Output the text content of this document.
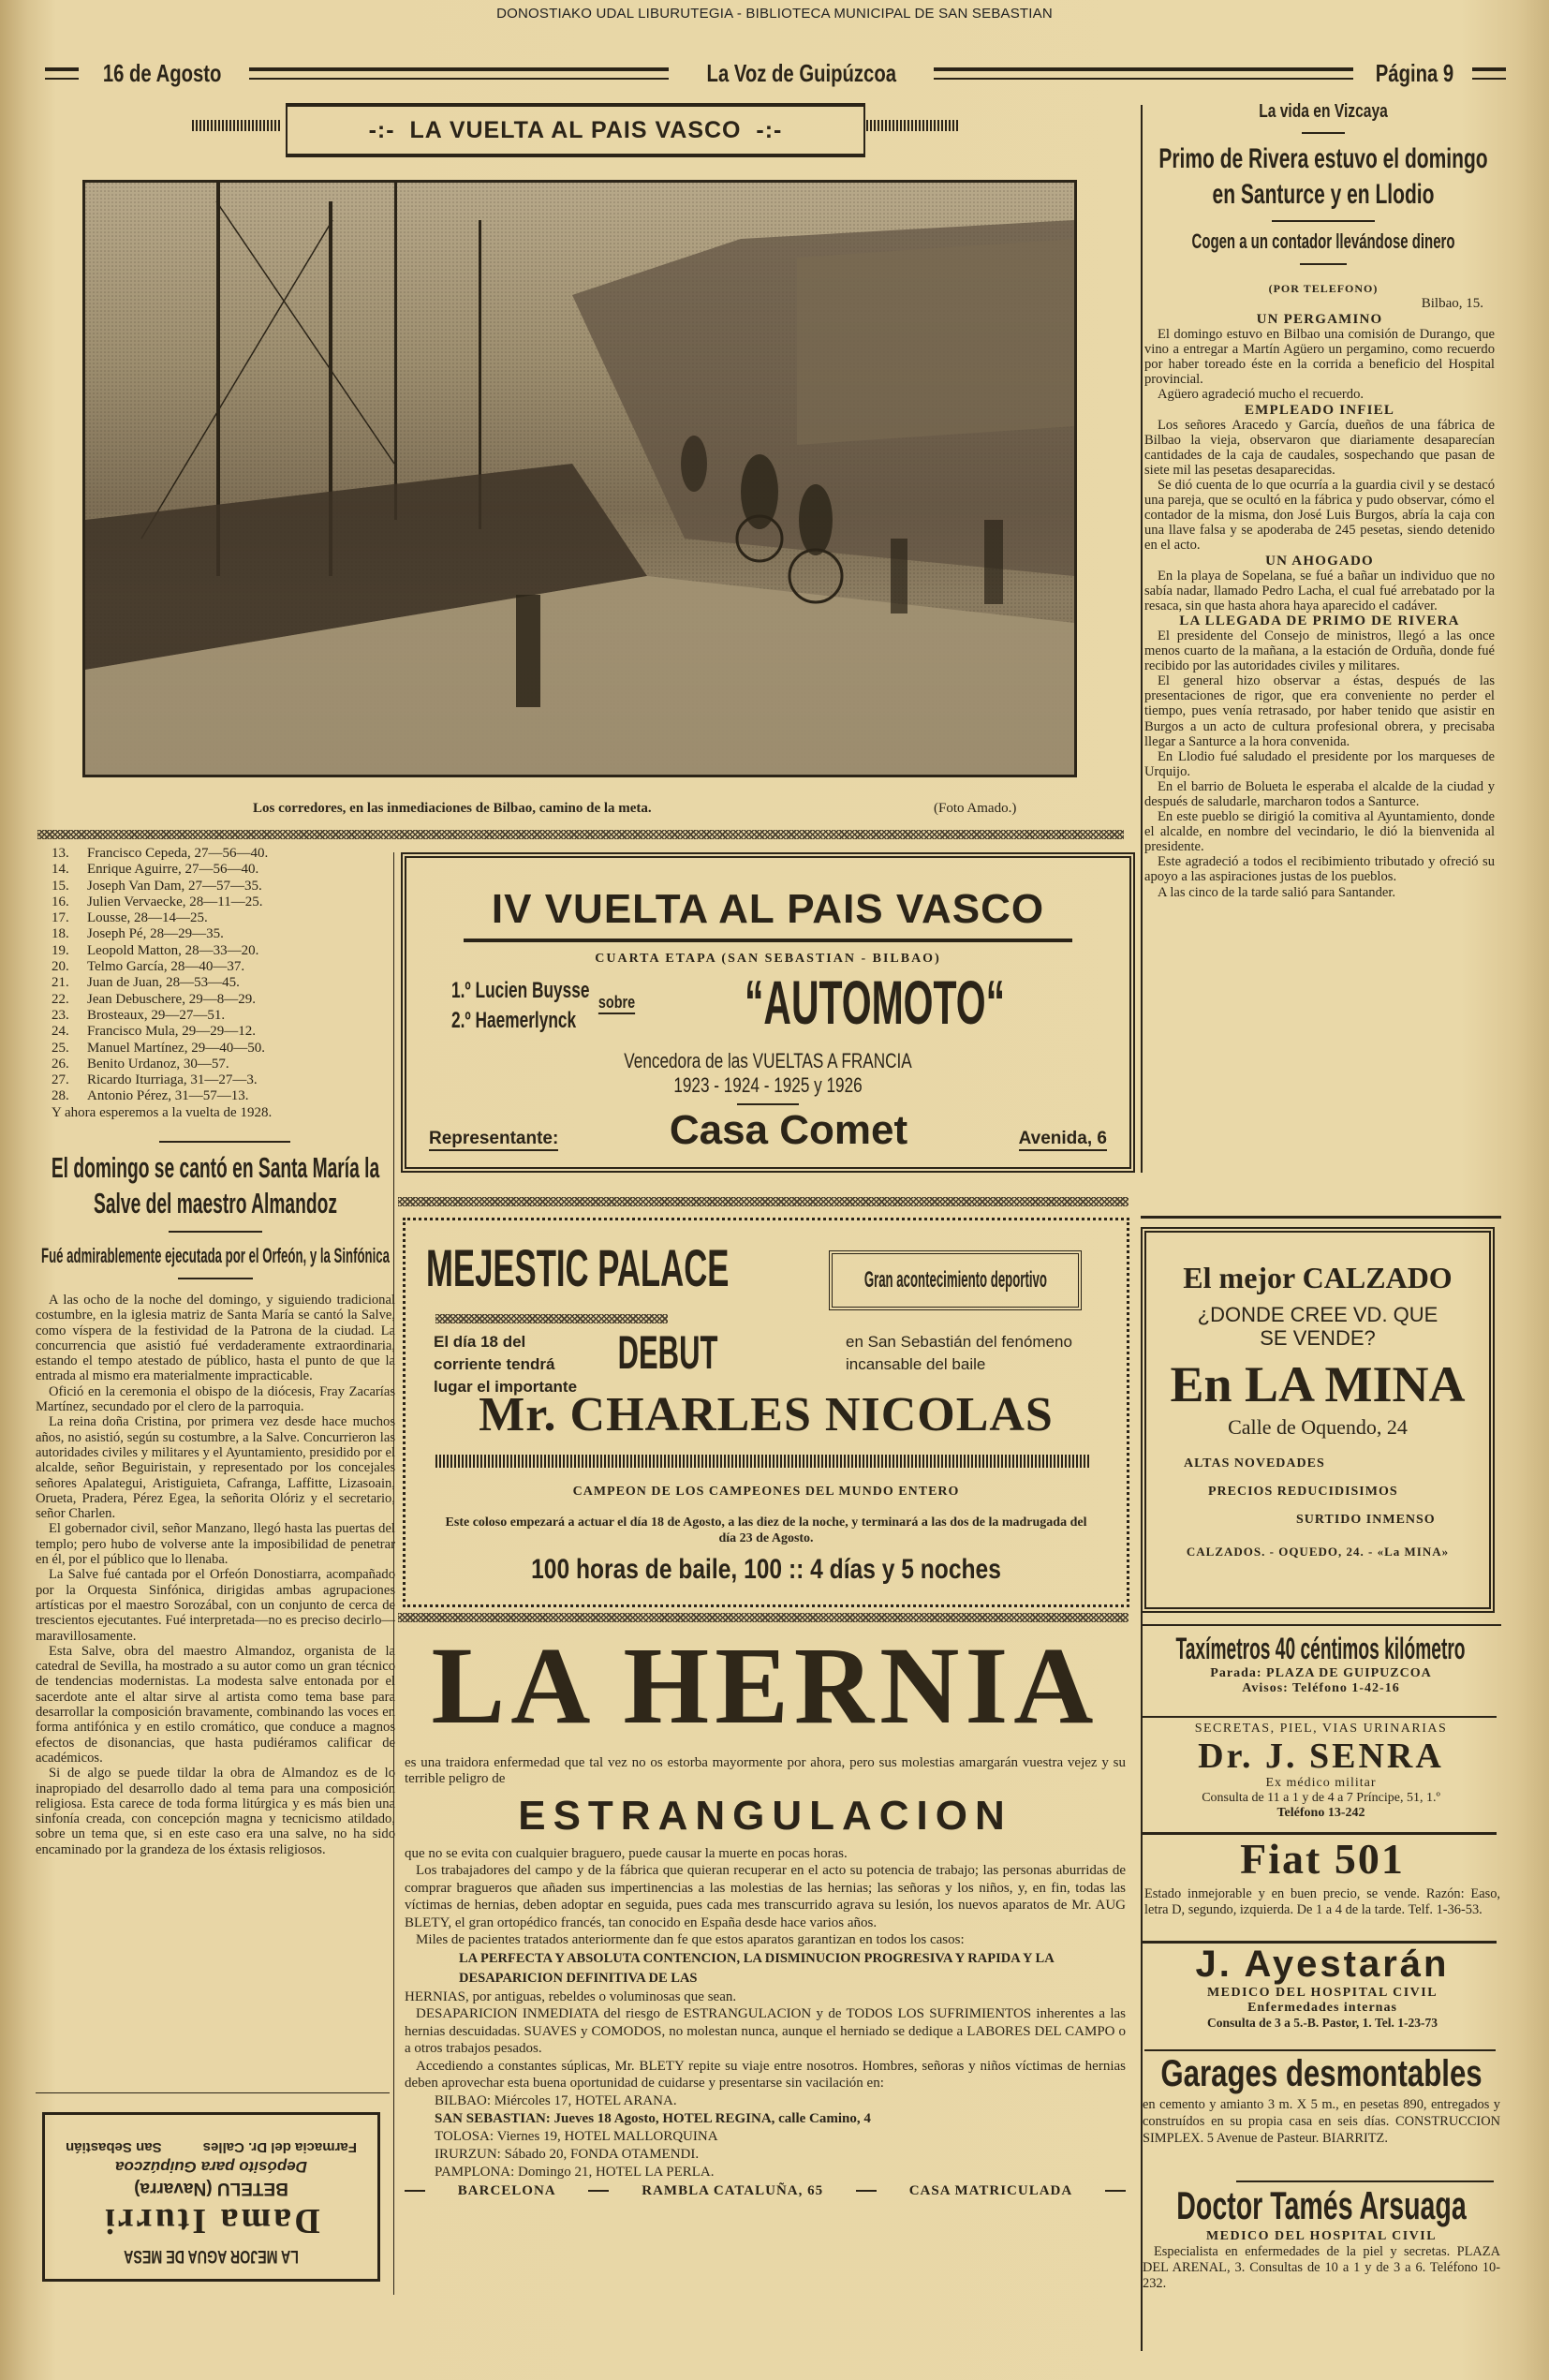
DONOSTIAKO UDAL LIBURUTEGIA - BIBLIOTECA MUNICIPAL DE SAN SEBASTIAN
16 de Agosto	La Voz de Guipúzcoa	Página 9
-:-  LA VUELTA AL PAIS VASCO  -:-
Los corredores, en las inmediaciones de Bilbao, camino de la meta.	(Foto Amado.)
13.	Francisco Cepeda, 27—56—40.
14.	Enrique Aguirre, 27—56—40.
15.	Joseph Van Dam, 27—57—35.
16.	Julien Vervaecke, 28—11—25.
17.	Lousse, 28—14—25.
18.	Joseph Pé, 28—29—35.
19.	Leopold Matton, 28—33—20.
20.	Telmo García, 28—40—37.
21.	Juan de Juan, 28—53—45.
22.	Jean Debuschere, 29—8—29.
23.	Brosteaux, 29—27—51.
24.	Francisco Mula, 29—29—12.
25.	Manuel Martínez, 29—40—50.
26.	Benito Urdanoz, 30—57.
27.	Ricardo Iturriaga, 31—27—3.
28.	Antonio Pérez, 31—57—13.

Y ahora esperemos a la vuelta de 1928.

El domingo se cantó en Santa María la Salve del maestro Almandoz
Fué admirablemente ejecutada por el Orfeón, y la Sinfónica

A las ocho de la noche del domingo, y siguiendo tradicional costumbre, en la iglesia matriz de Santa María se cantó la Salve, como víspera de la festividad de la Patrona de la ciudad. La concurrencia que asistió fué verdaderamente extraordinaria, estando el tempo atestado de público, hasta el punto de que la entrada al mismo era materialmente impracticable.

Ofició en la ceremonia el obispo de la diócesis, Fray Zacarías Martínez, secundado por el clero de la parroquia.

La reina doña Cristina, por primera vez desde hace muchos años, no asistió, según su costumbre, a la Salve. Concurrieron las autoridades civiles y militares y el Ayuntamiento, presidido por el alcalde, señor Beguiristain, y representado por los concejales señores Apalategui, Aristiguieta, Cafranga, Laffitte, Lizasoain, Orueta, Pradera, Pérez Egea, la señorita Olóriz y el secretario, señor Charlen.

El gobernador civil, señor Manzano, llegó hasta las puertas del templo; pero hubo de volverse ante la imposibilidad de penetrar en él, por el público que lo llenaba.

La Salve fué cantada por el Orfeón Donostiarra, acompañado por la Orquesta Sinfónica, dirigidas ambas agrupaciones artísticas por el maestro Sorozábal, con un conjunto de cerca de trescientos ejecutantes. Fué interpretada—no es preciso decirlo—maravillosamente.

Esta Salve, obra del maestro Almandoz, organista de la catedral de Sevilla, ha mostrado a su autor como un gran técnico de tendencias modernistas. La modesta salve entonada por el sacerdote ante el altar sirve al artista como tema base para desarrollar la composición bravamente, combinando las voces en forma antifónica y en estilo cromático, que conduce a magnos efectos de disonancias, que hasta pudiéramos calificar de académicos.

Si de algo se puede tildar la obra de Almandoz es de lo inapropiado del desarrollo dado al tema para una composición religiosa. Esta carece de toda forma litúrgica y es más bien una sinfonía creada, con concepción magna y tecnicismo atildado, sobre un tema que, si en este caso era una salve, no ha sido encaminado por la grandeza de los éxtasis religiosos.

LA MEJOR AGUA DE MESA
Dama Iturri
BETELU (Navarra)
Depósito para Guipúzcoa
Farmacia del Dr. Calles
San Sebastián
IV VUELTA AL PAIS VASCO
CUARTA ETAPA (SAN SEBASTIAN - BILBAO)
1.º Lucien Buysse
2.º Haemerlynck
sobre “AUTOMOTO“
Vencedora de las VUELTAS A FRANCIA
1923 - 1924 - 1925 y 1926
Representante:	Casa Comet	Avenida, 6
MEJESTIC PALACE	Gran acontecimiento deportivo
El día 18 del corriente tendrá lugar el importante
DEBUT	en San Sebastián del fenómeno incansable del baile
Mr. CHARLES NICOLAS
CAMPEON DE LOS CAMPEONES DEL MUNDO ENTERO
Este coloso empezará a actuar el día 18 de Agosto, a las diez de la noche, y terminará a las dos de la madrugada del día 23 de Agosto.
100 horas de baile, 100 :: 4 días y 5 noches
LA HERNIA

es una traidora enfermedad que tal vez no os estorba mayormente por ahora, pero sus molestias amargarán vuestra vejez y su terrible peligro de

ESTRANGULACION

que no se evita con cualquier braguero, puede causar la muerte en pocas horas.

Los trabajadores del campo y de la fábrica que quieran recuperar en el acto su potencia de trabajo; las personas aburridas de comprar bragueros que añaden sus impertinencias a las molestias de las hernias; las señoras y los niños, y, en fin, todas las víctimas de hernias, deben adoptar en seguida, pues cada mes transcurrido agrava su lesión, los nuevos aparatos de Mr. AUG BLETY, el gran ortopédico francés, tan conocido en España desde hace varios años.

Miles de pacientes tratados anteriormente dan fe que estos aparatos garantizan en todos los casos:

LA PERFECTA Y ABSOLUTA CONTENCION, LA DISMINUCION PROGRESIVA Y RAPIDA Y LA DESAPARICION DEFINITIVA DE LAS

HERNIAS, por antiguas, rebeldes o voluminosas que sean.

DESAPARICION INMEDIATA del riesgo de ESTRANGULACION y de TODOS LOS SUFRIMIENTOS inherentes a las hernias descuidadas. SUAVES y COMODOS, no molestan nunca, aunque el herniado se dedique a LABORES DEL CAMPO o a otros trabajos pesados.

Accediendo a constantes súplicas, Mr. BLETY repite su viaje entre nosotros. Hombres, señoras y niños víctimas de hernias deben aprovechar esta buena oportunidad de cuidarse y presentarse sin vacilación en:

BILBAO: Miércoles 17, HOTEL ARANA.
SAN SEBASTIAN: Jueves 18 Agosto, HOTEL REGINA, calle Camino, 4
TOLOSA: Viernes 19, HOTEL MALLORQUINA
IRURZUN: Sábado 20, FONDA OTAMENDI.
PAMPLONA: Domingo 21, HOTEL LA PERLA.
BARCELONA	RAMBLA CATALUÑA, 65	CASA MATRICULADA
La vida en Vizcaya
Primo de Rivera estuvo el domingo en Santurce y en Llodio
Cogen a un contador llevándose dinero
(POR TELEFONO)
Bilbao, 15.
UN PERGAMINO

El domingo estuvo en Bilbao una comisión de Durango, que vino a entregar a Martín Agüero un pergamino, como recuerdo por haber toreado éste en la corrida a beneficio del Hospital provincial.

Agüero agradeció mucho el recuerdo.

EMPLEADO INFIEL

Los señores Aracedo y García, dueños de una fábrica de Bilbao la vieja, observaron que diariamente desaparecían cantidades de la caja de caudales, sospechando que pasan de siete mil las pesetas desaparecidas.

Se dió cuenta de lo que ocurría a la guardia civil y se destacó una pareja, que se ocultó en la fábrica y pudo observar, cómo el contador de la misma, don José Luis Burgos, abría la caja con una llave falsa y se apoderaba de 245 pesetas, siendo detenido en el acto.

UN AHOGADO

En la playa de Sopelana, se fué a bañar un individuo que no sabía nadar, llamado Pedro Lacha, el cual fué arrebatado por la resaca, sin que hasta ahora haya aparecido el cadáver.

LA LLEGADA DE PRIMO DE RIVERA

El presidente del Consejo de ministros, llegó a las once menos cuarto de la mañana, a la estación de Orduña, donde fué recibido por las autoridades civiles y militares.

El general hizo observar a éstas, después de las presentaciones de rigor, que era conveniente no perder el tiempo, pues venía retrasado, por haber tenido que asistir en Burgos a un acto de cultura profesional obrera, y precisaba llegar a Santurce a la hora convenida.

En Llodio fué saludado el presidente por los marqueses de Urquijo.

En el barrio de Bolueta le esperaba el alcalde de la ciudad y después de saludarle, marcharon todos a Santurce.

En este pueblo se dirigió la comitiva al Ayuntamiento, donde el alcalde, en nombre del vecindario, le dió la bienvenida al presidente.

Este agradeció a todos el recibimiento tributado y ofreció su apoyo a las aspiraciones justas de los pueblos.

A las cinco de la tarde salió para Santander.

El mejor CALZADO
¿DONDE CREE VD. QUE SE VENDE?
En LA MINA
Calle de Oquendo, 24
ALTAS NOVEDADES
PRECIOS REDUCIDISIMOS
SURTIDO INMENSO
CALZADOS. - OQUEDO, 24. - «La MINA»
Taxímetros 40 céntimos kilómetro
Parada: PLAZA DE GUIPUZCOA
Avisos: Teléfono 1-42-16
SECRETAS, PIEL, VIAS URINARIAS
Dr. J. SENRA
Ex médico militar
Consulta de 11 a 1 y de 4 a 7 Príncipe, 51, 1.º
Teléfono 13-242
Fiat 501

Estado inmejorable y en buen precio, se vende. Razón: Easo, letra D, segundo, izquierda. De 1 a 4 de la tarde. Telf. 1-36-53.

J. Ayestarán
MEDICO DEL HOSPITAL CIVIL
Enfermedades internas
Consulta de 3 a 5.-B. Pastor, 1. Tel. 1-23-73
Garages desmontables

en cemento y amianto 3 m. X 5 m., en pesetas 890, entregados y construídos en su propia casa en seis días. CONSTRUCCION SIMPLEX. 5 Avenue de Pasteur. BIARRITZ.

Doctor Tamés Arsuaga
MEDICO DEL HOSPITAL CIVIL

Especialista en enfermedades de la piel y secretas. PLAZA DEL ARENAL, 3. Consultas de 10 a 1 y de 3 a 6. Teléfono 10-232.
